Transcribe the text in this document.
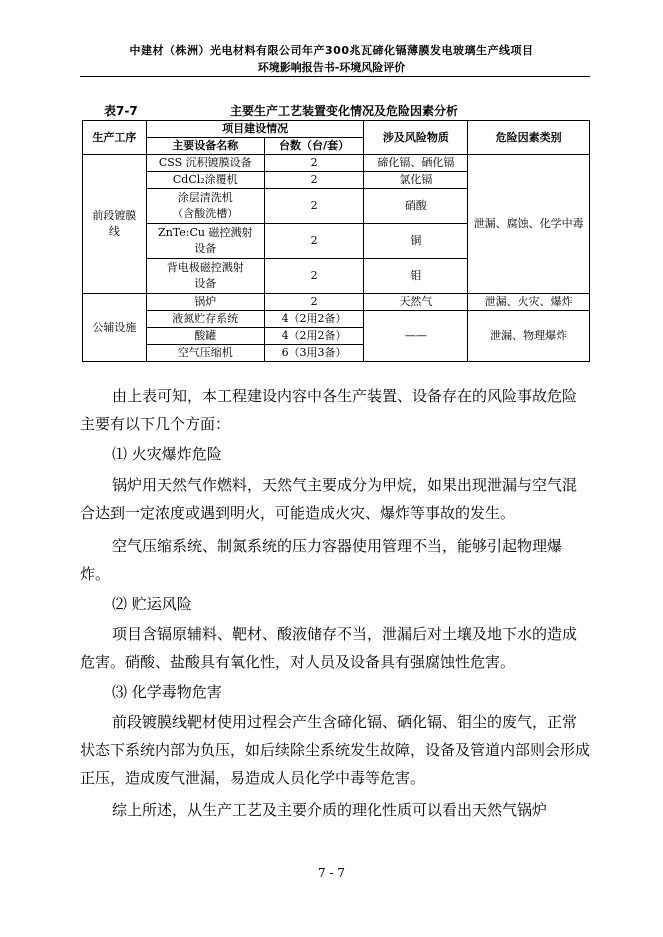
中建材（株洲）光电材料有限公司年产300兆瓦碲化镉薄膜发电玻璃生产线项目
环境影响报告书-环境风险评价
表7-7	主要生产工艺装置变化情况及危险因素分析
生产工序	项目建设情况		涉及风险物质	危险因素类别
	主要设备名称	台数（台/套）		

前段镀膜
线	CSS 沉积镀膜设备	2	碲化镉、硒化镉	泄漏、腐蚀、化学中毒
	CdCl₂涂覆机	2	氯化镉	

	涂层清洗机
（含酸洗槽）	2	硝酸	

	ZnTe:Cu 磁控溅射
设备	2	铜	

	背电极磁控溅射
设备	2	钼	
公辅设施	锅炉	2	天然气	泄漏、火灾、爆炸
	液氮贮存系统	4（2用2备）	——	泄漏、物理爆炸
	酸罐	4（2用2备）		
	空气压缩机	6（3用3备）		
由上表可知，本工程建设内容中各生产装置、设备存在的风险事故危险主要有以下几个方面：
⑴ 火灾爆炸危险
锅炉用天然气作燃料，天然气主要成分为甲烷，如果出现泄漏与空气混合达到一定浓度或遇到明火，可能造成火灾、爆炸等事故的发生。
空气压缩系统、制氮系统的压力容器使用管理不当，能够引起物理爆炸。
⑵ 贮运风险
项目含镉原辅料、靶材、酸液储存不当，泄漏后对土壤及地下水的造成危害。硝酸、盐酸具有氧化性，对人员及设备具有强腐蚀性危害。
⑶ 化学毒物危害
前段镀膜线靶材使用过程会产生含碲化镉、硒化镉、钼尘的废气，正常状态下系统内部为负压，如后续除尘系统发生故障，设备及管道内部则会形成正压，造成废气泄漏，易造成人员化学中毒等危害。
综上所述，从生产工艺及主要介质的理化性质可以看出天然气锅炉
7 - 7
